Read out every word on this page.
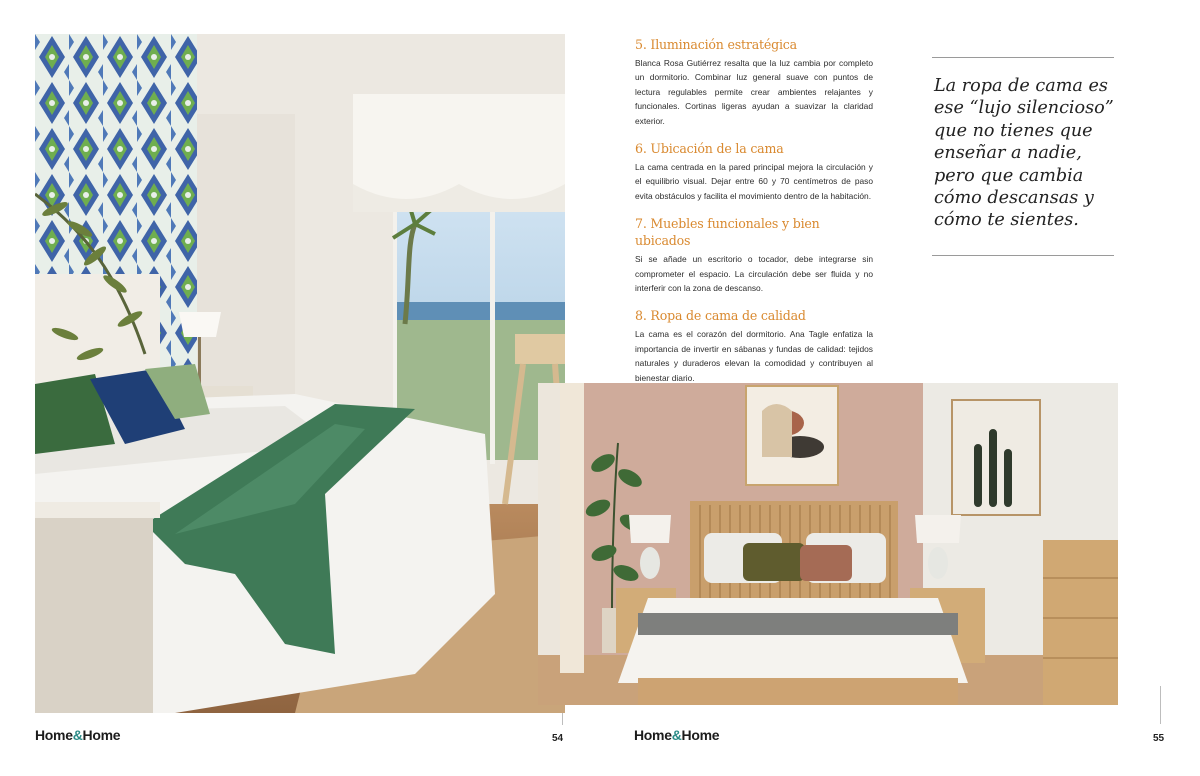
5. Iluminación estratégica

Blanca Rosa Gutiérrez resalta que la luz cambia por completo un dormitorio. Combinar luz general suave con puntos de lectura regulables permite crear ambientes relajantes y funcionales. Cortinas ligeras ayudan a suavizar la claridad exterior.

6. Ubicación de la cama

La cama centrada en la pared principal mejora la circulación y el equilibrio visual. Dejar entre 60 y 70 centímetros de paso evita obstáculos y facilita el movimiento dentro de la habitación.

7. Muebles funcionales y bien ubicados

Si se añade un escritorio o tocador, debe integrarse sin comprometer el espacio. La circulación debe ser fluida y no interferir con la zona de descanso.

8. Ropa de cama de calidad

La cama es el corazón del dormitorio. Ana Tagle enfatiza la importancia de invertir en sábanas y fundas de calidad: tejidos naturales y duraderos elevan la comodidad y contribuyen al bienestar diario.

La ropa de cama es
ese “lujo silencioso”
que no tienes que
enseñar a nadie,
pero que cambia
cómo descansas y
cómo te sientes.
Home&Home	54	Home&Home	55
